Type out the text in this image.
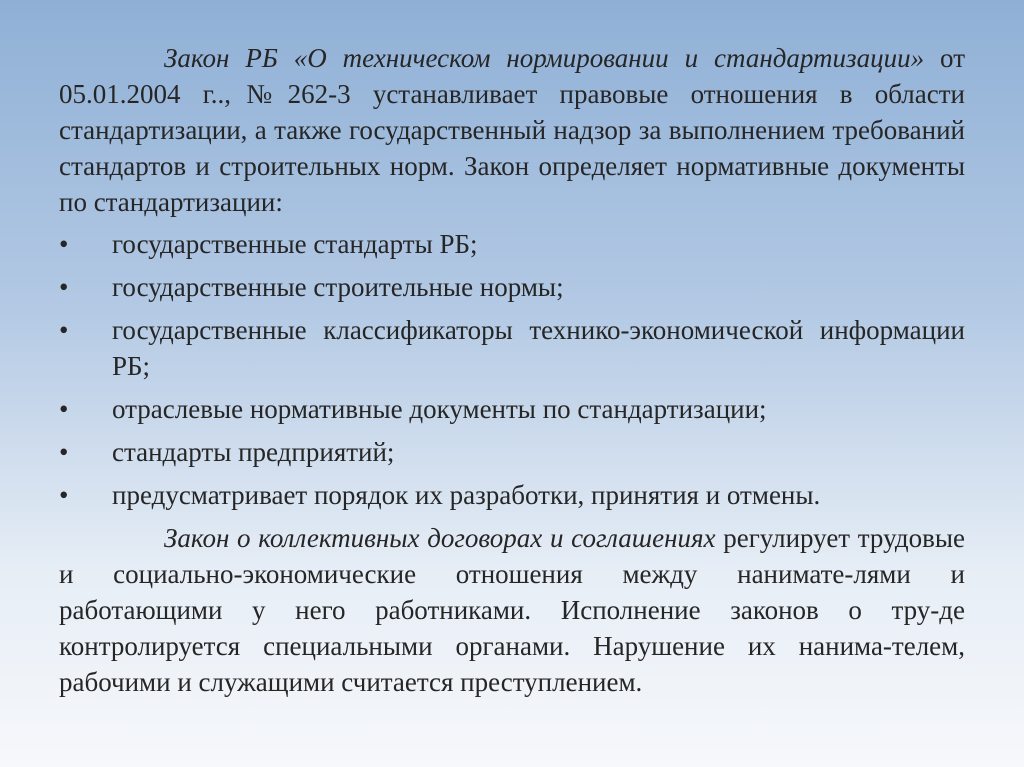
Закон РБ «О техническом нормировании и стандартизации» от 05.01.2004 г..,№262-3 устанавливает правовые отношения в области стандартизации, а также государственный надзор за выполнением требований стандартов и строительных норм. Закон определяет нормативные документы по стандартизации:

•	государственные стандарты РБ;
•	государственные строительные нормы;
•	государственные классификаторы технико-экономической информации РБ;
•	отраслевые нормативные документы по стандартизации;
•	стандарты предприятий;
•	предусматривает порядок их разработки, принятия и отмены.

Закон о коллективных договорах и соглашениях регулирует трудовые и социально-экономические отношения между нанимате-лями и работающими у него работниками. Исполнение законов о тру-де контролируется специальными органами. Нарушение их нанима-телем, рабочими и служащими считается преступлением.
